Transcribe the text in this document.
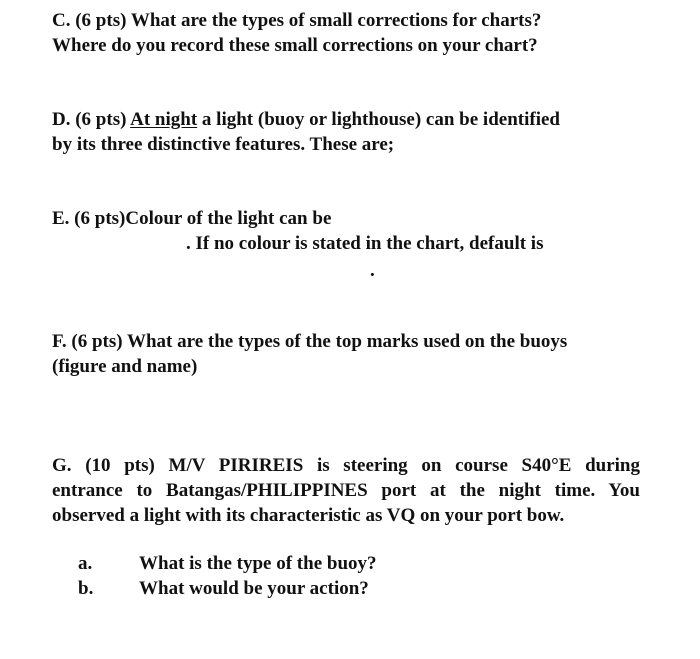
C. (6 pts) What are the types of small corrections for charts?
Where do you record these small corrections on your chart?
D. (6 pts) At night a light (buoy or lighthouse) can be identified
by its three distinctive features. These are;
E. (6 pts)Colour of the light can be
. If no colour is stated in the chart, default is
.
F. (6 pts) What are the types of the top marks used on the buoys
(figure and name)
G. (10 pts) M/V PIRIREIS is steering on course S40°E during
entrance to Batangas/PHILIPPINES port at the night time. You
observed a light with its characteristic as VQ on your port bow.
a. What is the type of the buoy?
b. What would be your action?
